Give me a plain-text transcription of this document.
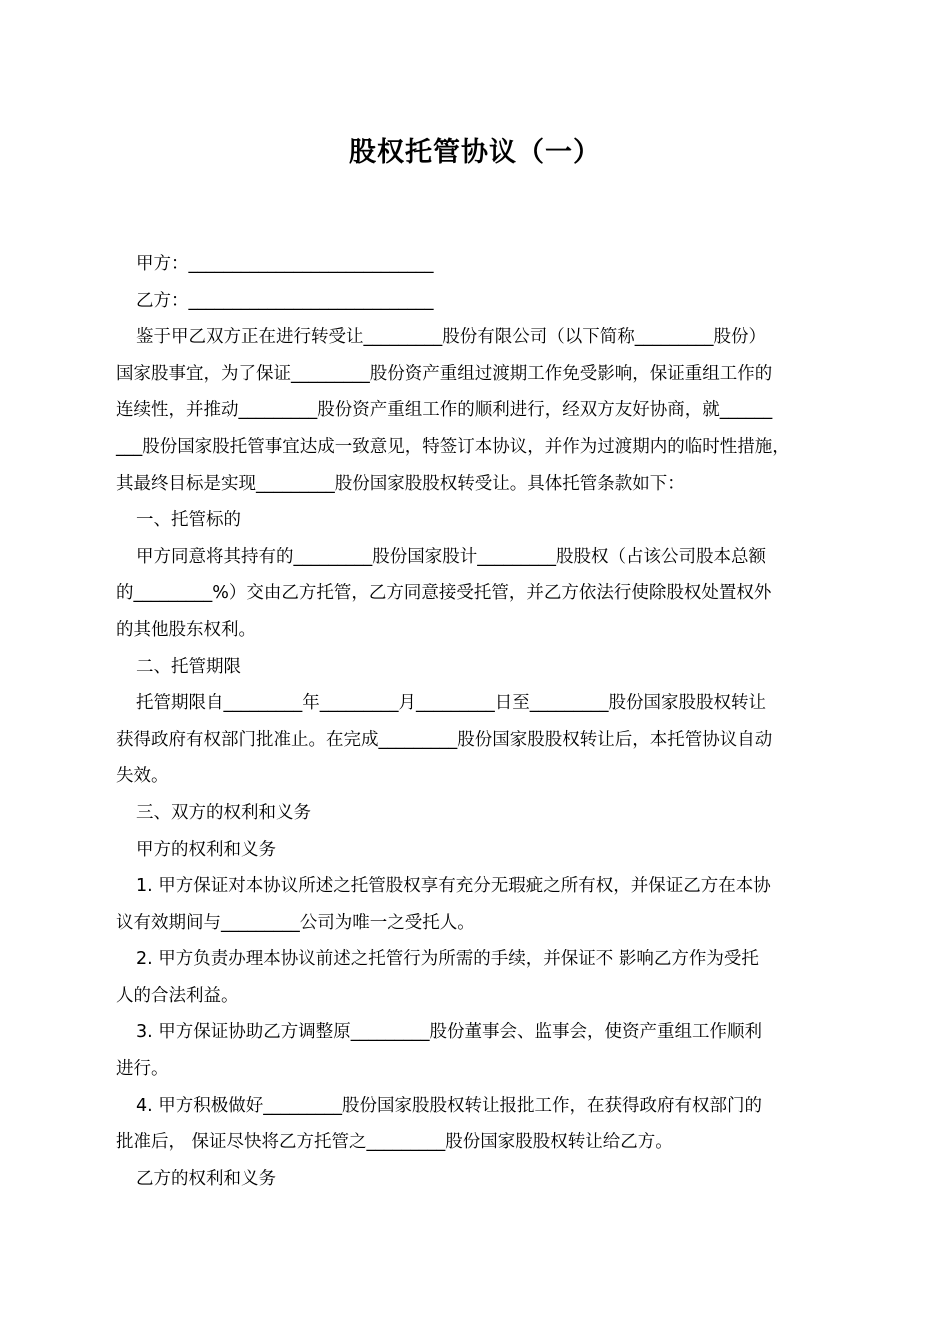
股权托管协议（一）
甲方：____________________________
乙方：____________________________
鉴于甲乙双方正在进行转受让_________股份有限公司（以下简称_________股份）
国家股事宜，为了保证_________股份资产重组过渡期工作免受影响，保证重组工作的
连续性，并推动_________股份资产重组工作的顺利进行，经双方友好协商，就______
___股份国家股托管事宜达成一致意见，特签订本协议，并作为过渡期内的临时性措施，
其最终目标是实现_________股份国家股股权转受让。具体托管条款如下：
一、托管标的
甲方同意将其持有的_________股份国家股计_________股股权（占该公司股本总额
的_________%）交由乙方托管，乙方同意接受托管，并乙方依法行使除股权处置权外
的其他股东权利。
二、托管期限
托管期限自_________年_________月_________日至_________股份国家股股权转让
获得政府有权部门批准止。在完成_________股份国家股股权转让后，本托管协议自动
失效。
三、双方的权利和义务
甲方的权利和义务
1. 甲方保证对本协议所述之托管股权享有充分无瑕疵之所有权，并保证乙方在本协
议有效期间与_________公司为唯一之受托人。
2. 甲方负责办理本协议前述之托管行为所需的手续，并保证不 影响乙方作为受托
人的合法利益。
3. 甲方保证协助乙方调整原_________股份董事会、监事会，使资产重组工作顺利
进行。
4. 甲方积极做好_________股份国家股股权转让报批工作，在获得政府有权部门的
批准后， 保证尽快将乙方托管之_________股份国家股股权转让给乙方。
乙方的权利和义务
